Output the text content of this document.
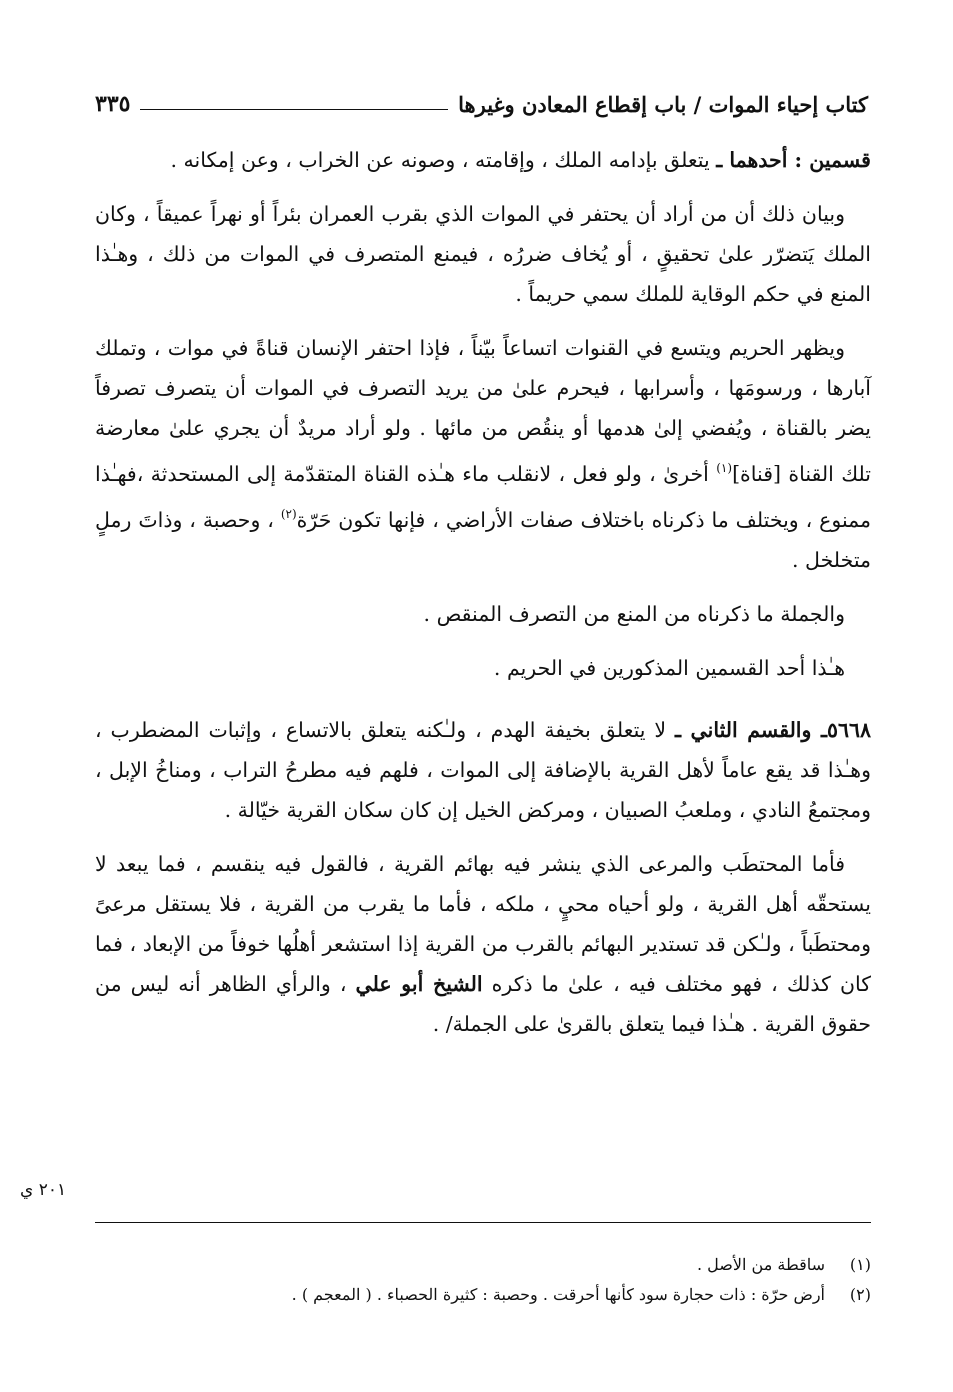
كتاب إحياء الموات / باب إقطاع المعادن وغيرها
٣٣٥

قسمين : أحدهما ـ يتعلق بإدامه الملك ، وإقامته ، وصونه عن الخراب ، وعن إمكانه .

وبيان ذلك أن من أراد أن يحتفر في الموات الذي بقرب العمران بئراً أو نهراً عميقاً ، وكان الملك يَتضرّر علىٰ تحقيقٍ ، أو يُخاف ضررُه ، فيمنع المتصرف في الموات من ذلك ، وهـٰذا المنع في حكم الوقاية للملك سمي حريماً .

ويظهر الحريم ويتسع في القنوات اتساعاً بيّناً ، فإذا احتفر الإنسان قناةً في موات ، وتملك آبارها ، ورسومَها ، وأسرابها ، فيحرم علىٰ من يريد التصرف في الموات أن يتصرف تصرفاً يضر بالقناة ، ويُفضي إلىٰ هدمها أو ينقُص من مائها . ولو أراد مريدٌ أن يجري علىٰ معارضة تلك القناة [قناة]$^{(١)}$ أخرىٰ ، ولو فعل ، لانقلب ماء هـٰذه القناة المتقدّمة إلى المستحدثة ،فهـٰذا ممنوع ، ويختلف ما ذكرناه باختلاف صفات الأراضي ، فإنها تكون حَرّة$^{(٢)}$ ، وحصبة ، وذاتَ رملٍ متخلخل .

والجملة ما ذكرناه من المنع من التصرف المنقص .

هـٰذا أحد القسمين المذكورين في الحريم .

٥٦٦٨ـ والقسم الثاني ـ لا يتعلق بخيفة الهدم ، ولـٰكنه يتعلق بالاتساع ، وإثبات المضطرب ، وهـٰذا قد يقع عاماً لأهل القرية بالإضافة إلى الموات ، فلهم فيه مطرحُ التراب ، ومناخُ الإبل ، ومجتمعُ النادي ، وملعبُ الصبيان ، ومركض الخيل إن كان سكان القرية خيّالة .

فأما المحتطَب والمرعى الذي ينشر فيه بهائم القرية ، فالقول فيه ينقسم ، فما يبعد لا يستحقّه أهل القرية ، ولو أحياه محيٍ ، ملكه ، فأما ما يقرب من القرية ، فلا يستقل مرعىً ومحتطَباً ، ولـٰكن قد تستدير البهائم بالقرب من القرية إذا استشعر أهلُها خوفاً من الإبعاد ، فما كان كذلك ، فهو مختلف فيه ، علىٰ ما ذكره الشيخ أبو علي ، والرأي الظاهر أنه ليس من حقوق القرية . هـٰذا فيما يتعلق بالقرىٰ على الجملة/ .

٢٠١ ي
(١)ساقطة من الأصل .
(٢)أرض حرّة : ذات حجارة سود كأنها أحرقت . وحصبة : كثيرة الحصباء . ( المعجم ) .
